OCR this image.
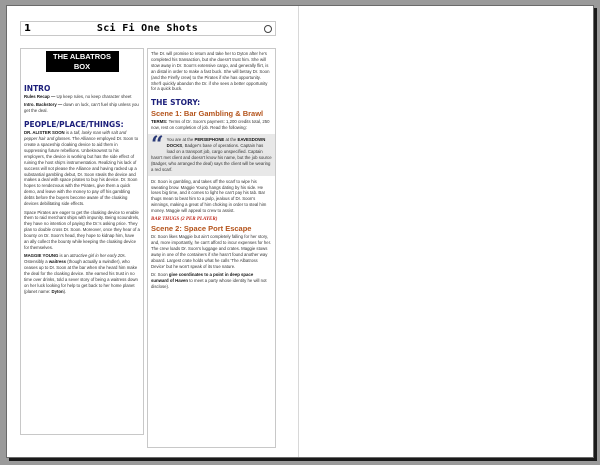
1	Sci Fi One Shots
THE ALBATROS
BOX
INTRO

Rules Recap — Up keep rules, no keep character sheet

Intro. Backstory — down on luck, can't fuel ship unless you get the deal.

PEOPLE/PLACE/THINGS:

DR. ALISTER SOON is a tall, lanky man with salt and pepper hair and glasses. The Alliance employed Dr. Soon to create a spaceship cloaking device to aid them in suppressing future rebellions. Unbeknownst to his employers, the device is working but has the side effect of ruining the host ship's instrumentation. Realizing his lack of success will not please the Alliance and having racked up a substantial gambling debut, Dr. Soon steals the device and makes a deal with space pirates to buy his device. Dr. Soon hopes to rendezvous with the Pirates, give them a quick demo, and leave with the money to pay off his gambling debts before the buyers become aware of the cloaking devices debilitating side effects.

Space Pirates are eager to get the cloaking device to enable them to raid merchant ships with impunity. Being scoundrels, they have no intention of paying the Dr.'s asking price. They plan to double cross Dr. Soon. Moreover, once they hear of a bounty on Dr. Soon's head, they hope to kidnap him, have an ally collect the bounty while keeping the cloaking device for themselves.

MAGGIE YOUNG is an attractive girl in her early 20s. Ostensibly a waitress (though actually a swindler), who ceases up to Dr. Soon at the bar when she heard him make the deal for the cloaking device. She earned his trust in no time over drinks, told a sever story of being a waitress down on her luck looking for help to get back to her home planet (planet name: Dyton).

The Dr. will promise to return and take her to Dyton after he's completed his transaction, but she doesn't trust him. She will stow away in Dr. Soon's extensive cargo, and generally flirt, is an distal in order to make a fast buck. She will betray Dr. Soon (and the Firefly crew) to the Pirates if she has opportunity. She'll quickly abandon the Dr. if she sees a better opportunity for a quick buck.

THE STORY:
Scene 1: Bar Gambling & Brawl

TERMS: Terms of Dr. Soon's payment: 1,200 credits total, 250 now, rest on completion of job. Read the following:

“ You are at the PERSEPHONE at the EAVESDOWN DOCKS, Badger's base of operations. Captain has load on a transport job, cargo unspecified. Captain hasn't met client and doesn't know his name, but the job source (Badger, who arranged the deal) says the client will be wearing a red scarf.

Dr. Soon is gambling, and takes off the scarf to wipe his sweating brow. Maggie Young hangs dating by his side. He loses big time, and it comes to light he can't pay his tab. Bar thugs mean to beat him to a pulp, jealous of Dr. Soon's winnings, making a great of him choking in order to steal him money. Maggie will appeal to crew to assist.

BAR THUGS (2 PER PLAYER)
Scene 2: Space Port Escape

Dr. Soon likes Maggie but ain't completely falling for her story, and, more importantly, he can't afford to incur expenses for her. The crew loads Dr. Soon's luggage and crates. Maggie stows away in one of the containers if she hasn't found another way aboard. Largest crate holds what he calls 'The Albatross Device' but he won't speak of its true nature.

Dr. Soon give coordinates to a point in deep space sunward of Haven to meet a party whose identity he will not disclose).
